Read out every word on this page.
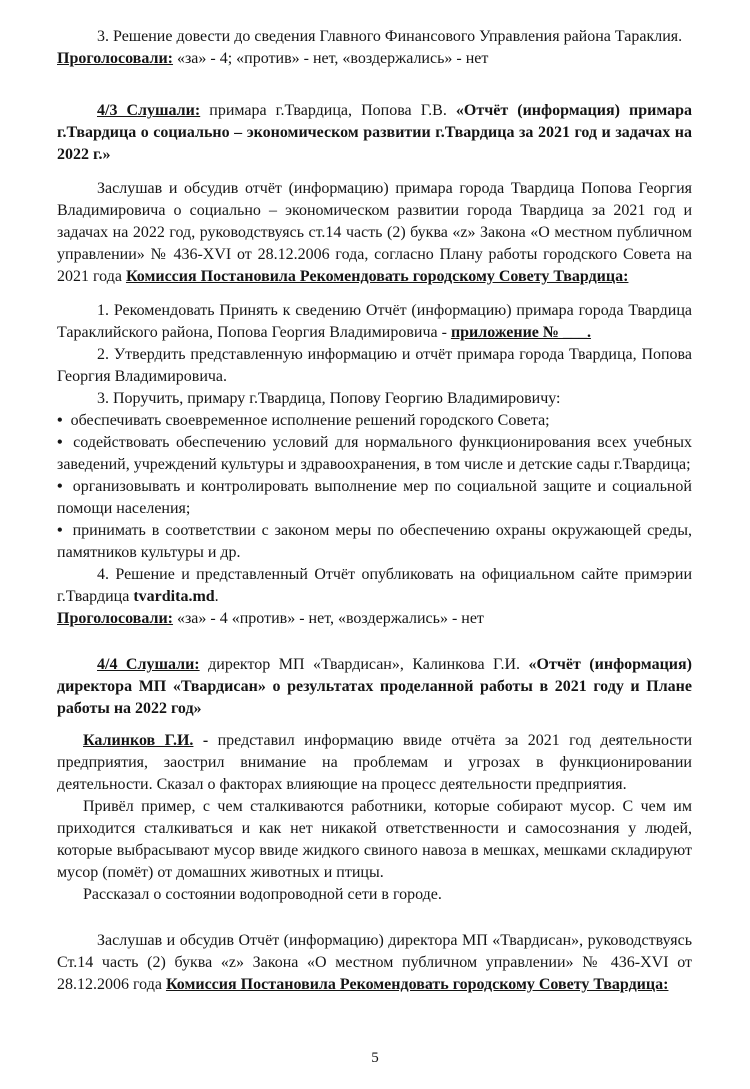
3. Решение довести до сведения Главного Финансового Управления района Тараклия.

Проголосовали: «за» - 4; «против» - нет, «воздержались» - нет

4/3 Слушали: примара г.Твардица, Попова Г.В. «Отчёт (информация) примара г.Твардица о социально – экономическом развитии г.Твардица за 2021 год и задачах на 2022 г.»

Заслушав и обсудив отчёт (информацию) примара города Твардица Попова Георгия Владимировича о социально – экономическом развитии города Твардица за 2021 год и задачах на 2022 год, руководствуясь ст.14 часть (2) буква «z» Закона «О местном публичном управлении» № 436-XVI от 28.12.2006 года, согласно Плану работы городского Совета на 2021 года Комиссия Постановила Рекомендовать городскому Совету Твардица:

1. Рекомендовать Принять к сведению Отчёт (информацию) примара города Твардица Тараклийского района, Попова Георгия Владимировича - приложение № ___.

2. Утвердить представленную информацию и отчёт примара города Твардица, Попова Георгия Владимировича.

3. Поручить, примару г.Твардица, Попову Георгию Владимировичу:

• обеспечивать своевременное исполнение решений городского Совета;

• содействовать обеспечению условий для нормального функционирования всех учебных заведений, учреждений культуры и здравоохранения, в том числе и детские сады г.Твардица;

• организовывать и контролировать выполнение мер по социальной защите и социальной помощи населения;

• принимать в соответствии с законом меры по обеспечению охраны окружающей среды, памятников культуры и др.

4. Решение и представленный Отчёт опубликовать на официальном сайте примэрии г.Твардица tvardita.md.

Проголосовали: «за» - 4 «против» - нет, «воздержались» - нет

4/4 Слушали: директор МП «Твардисан», Калинкова Г.И. «Отчёт (информация) директора МП «Твардисан» о результатах проделанной работы в 2021 году и Плане работы на 2022 год»

Калинков Г.И. - представил информацию ввиде отчёта за 2021 год деятельности предприятия, заострил внимание на проблемам и угрозах в функционировании деятельности. Сказал о факторах влияющие на процесс деятельности предприятия.

Привёл пример, с чем сталкиваются работники, которые собирают мусор. С чем им приходится сталкиваться и как нет никакой ответственности и самосознания у людей, которые выбрасывают мусор ввиде жидкого свиного навоза в мешках, мешками складируют мусор (помёт) от домашних животных и птицы.

Рассказал о состоянии водопроводной сети в городе.

Заслушав и обсудив Отчёт (информацию) директора МП «Твардисан», руководствуясь Ст.14 часть (2) буква «z» Закона «О местном публичном управлении» № 436-XVI от 28.12.2006 года Комиссия Постановила Рекомендовать городскому Совету Твардица:

5
